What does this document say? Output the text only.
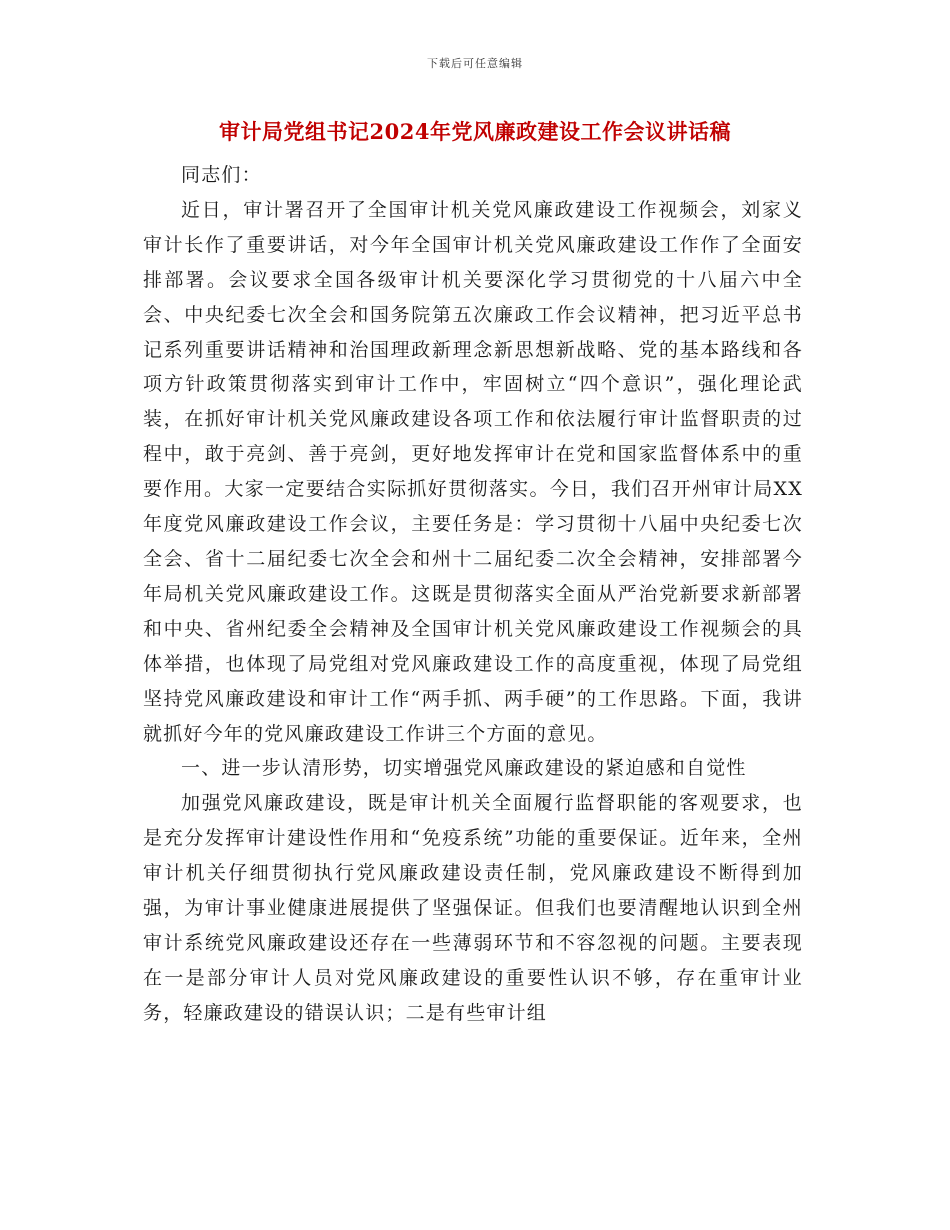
下载后可任意编辑
审计局党组书记2024年党风廉政建设工作会议讲话稿

同志们：

近日，审计署召开了全国审计机关党风廉政建设工作视频会，刘家义审计长作了重要讲话，对今年全国审计机关党风廉政建设工作作了全面安排部署。会议要求全国各级审计机关要深化学习贯彻党的十八届六中全会、中央纪委七次全会和国务院第五次廉政工作会议精神，把习近平总书记系列重要讲话精神和治国理政新理念新思想新战略、党的基本路线和各项方针政策贯彻落实到审计工作中，牢固树立“四个意识”，强化理论武装，在抓好审计机关党风廉政建设各项工作和依法履行审计监督职责的过程中，敢于亮剑、善于亮剑，更好地发挥审计在党和国家监督体系中的重要作用。大家一定要结合实际抓好贯彻落实。今日，我们召开州审计局XX年度党风廉政建设工作会议，主要任务是：学习贯彻十八届中央纪委七次全会、省十二届纪委七次全会和州十二届纪委二次全会精神，安排部署今年局机关党风廉政建设工作。这既是贯彻落实全面从严治党新要求新部署和中央、省州纪委全会精神及全国审计机关党风廉政建设工作视频会的具体举措，也体现了局党组对党风廉政建设工作的高度重视，体现了局党组坚持党风廉政建设和审计工作“两手抓、两手硬”的工作思路。下面，我讲就抓好今年的党风廉政建设工作讲三个方面的意见。

一、进一步认清形势，切实增强党风廉政建设的紧迫感和自觉性

加强党风廉政建设，既是审计机关全面履行监督职能的客观要求，也是充分发挥审计建设性作用和“免疫系统”功能的重要保证。近年来，全州审计机关仔细贯彻执行党风廉政建设责任制，党风廉政建设不断得到加强，为审计事业健康进展提供了坚强保证。但我们也要清醒地认识到全州审计系统党风廉政建设还存在一些薄弱环节和不容忽视的问题。主要表现在一是部分审计人员对党风廉政建设的重要性认识不够，存在重审计业务，轻廉政建设的错误认识；二是有些审计组
